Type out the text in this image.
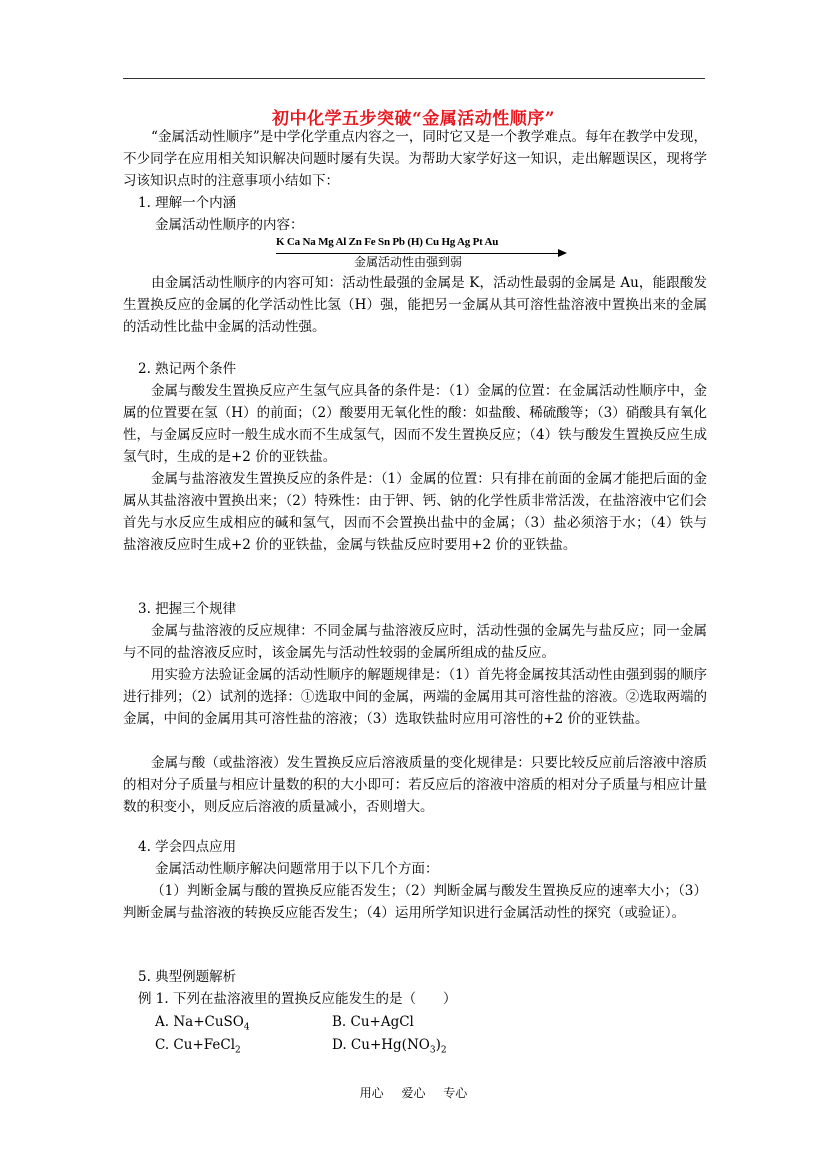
初中化学五步突破“金属活动性顺序”
“金属活动性顺序”是中学化学重点内容之一，同时它又是一个教学难点。每年在教学中发现，不少同学在应用相关知识解决问题时屡有失误。为帮助大家学好这一知识，走出解题误区，现将学习该知识点时的注意事项小结如下：
1. 理解一个内涵
金属活动性顺序的内容：
K Ca Na Mg Al Zn Fe Sn Pb (H) Cu Hg Ag Pt Au
金属活动性由强到弱
由金属活动性顺序的内容可知：活动性最强的金属是 K，活动性最弱的金属是 Au，能跟酸发生置换反应的金属的化学活动性比氢（H）强，能把另一金属从其可溶性盐溶液中置换出来的金属的活动性比盐中金属的活动性强。
2. 熟记两个条件
金属与酸发生置换反应产生氢气应具备的条件是：（1）金属的位置：在金属活动性顺序中，金属的位置要在氢（H）的前面；（2）酸要用无氧化性的酸：如盐酸、稀硫酸等；（3）硝酸具有氧化性，与金属反应时一般生成水而不生成氢气，因而不发生置换反应；（4）铁与酸发生置换反应生成氢气时，生成的是+2 价的亚铁盐。
金属与盐溶液发生置换反应的条件是：（1）金属的位置：只有排在前面的金属才能把后面的金属从其盐溶液中置换出来；（2）特殊性：由于钾、钙、钠的化学性质非常活泼，在盐溶液中它们会首先与水反应生成相应的碱和氢气，因而不会置换出盐中的金属；（3）盐必须溶于水；（4）铁与盐溶液反应时生成+2 价的亚铁盐，金属与铁盐反应时要用+2 价的亚铁盐。
3. 把握三个规律
金属与盐溶液的反应规律：不同金属与盐溶液反应时，活动性强的金属先与盐反应；同一金属与不同的盐溶液反应时，该金属先与活动性较弱的金属所组成的盐反应。
用实验方法验证金属的活动性顺序的解题规律是：（1）首先将金属按其活动性由强到弱的顺序进行排列；（2）试剂的选择：①选取中间的金属，两端的金属用其可溶性盐的溶液。②选取两端的金属，中间的金属用其可溶性盐的溶液；（3）选取铁盐时应用可溶性的+2 价的亚铁盐。
金属与酸（或盐溶液）发生置换反应后溶液质量的变化规律是：只要比较反应前后溶液中溶质的相对分子质量与相应计量数的积的大小即可：若反应后的溶液中溶质的相对分子质量与相应计量数的积变小，则反应后溶液的质量减小，否则增大。
4. 学会四点应用
金属活动性顺序解决问题常用于以下几个方面：
（1）判断金属与酸的置换反应能否发生；（2）判断金属与酸发生置换反应的速率大小；（3）判断金属与盐溶液的转换反应能否发生；（4）运用所学知识进行金属活动性的探究（或验证）。
5. 典型例题解析
例 1. 下列在盐溶液里的置换反应能发生的是（　　）
A. Na+CuSO$_4$	B. Cu+AgCl
C. Cu+FeCl$_2$	D. $Cu+Hg(NO_3)_2$
用心 爱心 专心
